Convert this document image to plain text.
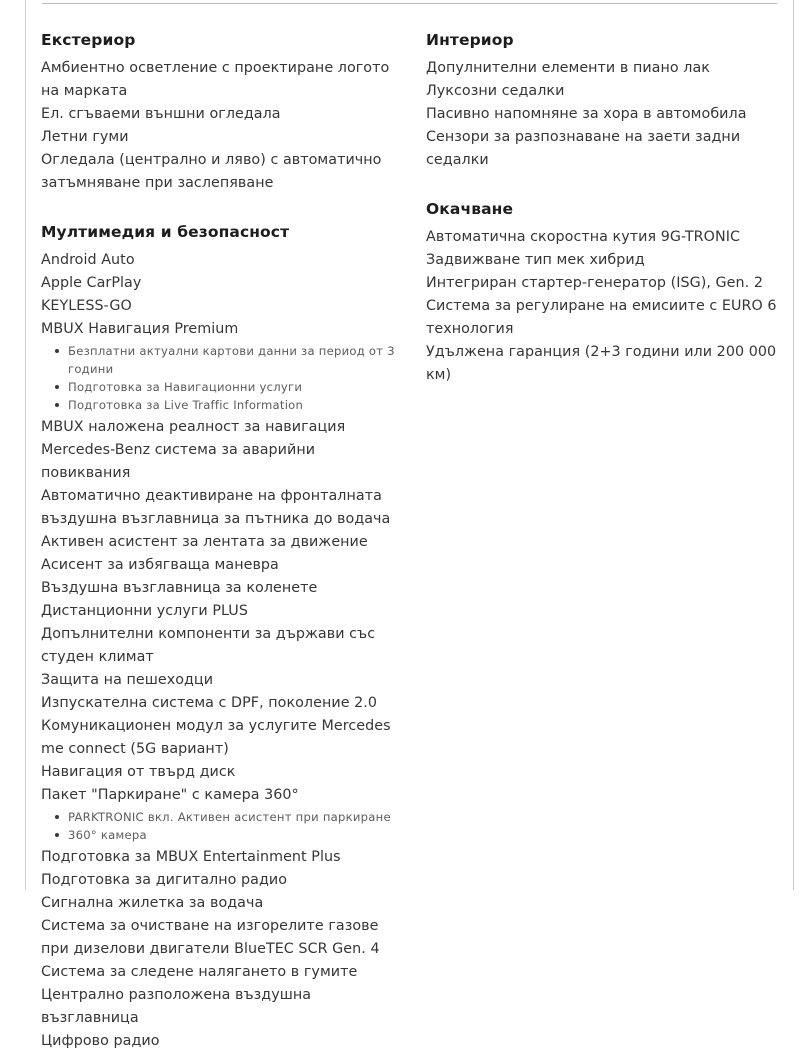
Екстериор
Амбиентно осветление с проектиране логото на марката
Ел. сгъваеми външни огледала
Летни гуми
Огледала (централно и ляво) с автоматично затъмняване при заслепяване
Мултимедия и безопасност
Android Auto
Apple CarPlay
KEYLESS-GO
MBUX Навигация Premium
Безплатни актуални картови данни за период от 3 години
Подготовка за Навигационни услуги
Подготовка за Live Traffic Information
MBUX наложена реалност за навигация
Mercedes-Benz система за аварийни повиквания
Автоматично деактивиране на фронталната въздушна възглавница за пътника до водача
Активен асистент за лентата за движение
Асисент за избягваща маневра
Въздушна възглавница за коленете
Дистанционни услуги PLUS
Допълнителни компоненти за държави със студен климат
Защита на пешеходци
Изпускателна система с DPF, поколение 2.0
Комуникационен модул за услугите Mercedes me connect (5G вариант)
Навигация от твърд диск
Пакет "Паркиране" с камера 360°
PARKTRONIC вкл. Активен асистент при паркиране
360° камера
Подготовка за MBUX Entertainment Plus
Подготовка за дигитално радио
Сигнална жилетка за водача
Система за очистване на изгорелите газове при дизелови двигатели BlueTEC SCR Gen. 4
Система за следене налягането в гумите
Централно разположена въздушна възглавница
Цифрово радио
Интериор
Допулнителни елементи в пиано лак
Луксозни седалки
Пасивно напомняне за хора в автомобила
Сензори за разпознаване на заети задни седалки
Окачване
Автоматична скоростна кутия 9G-TRONIC
Задвижване тип мек хибрид
Интегриран стартер-генератор (ISG), Gen. 2
Система за регулиране на емисиите с EURO 6 технология
Удължена гаранция (2+3 години или 200 000 км)
